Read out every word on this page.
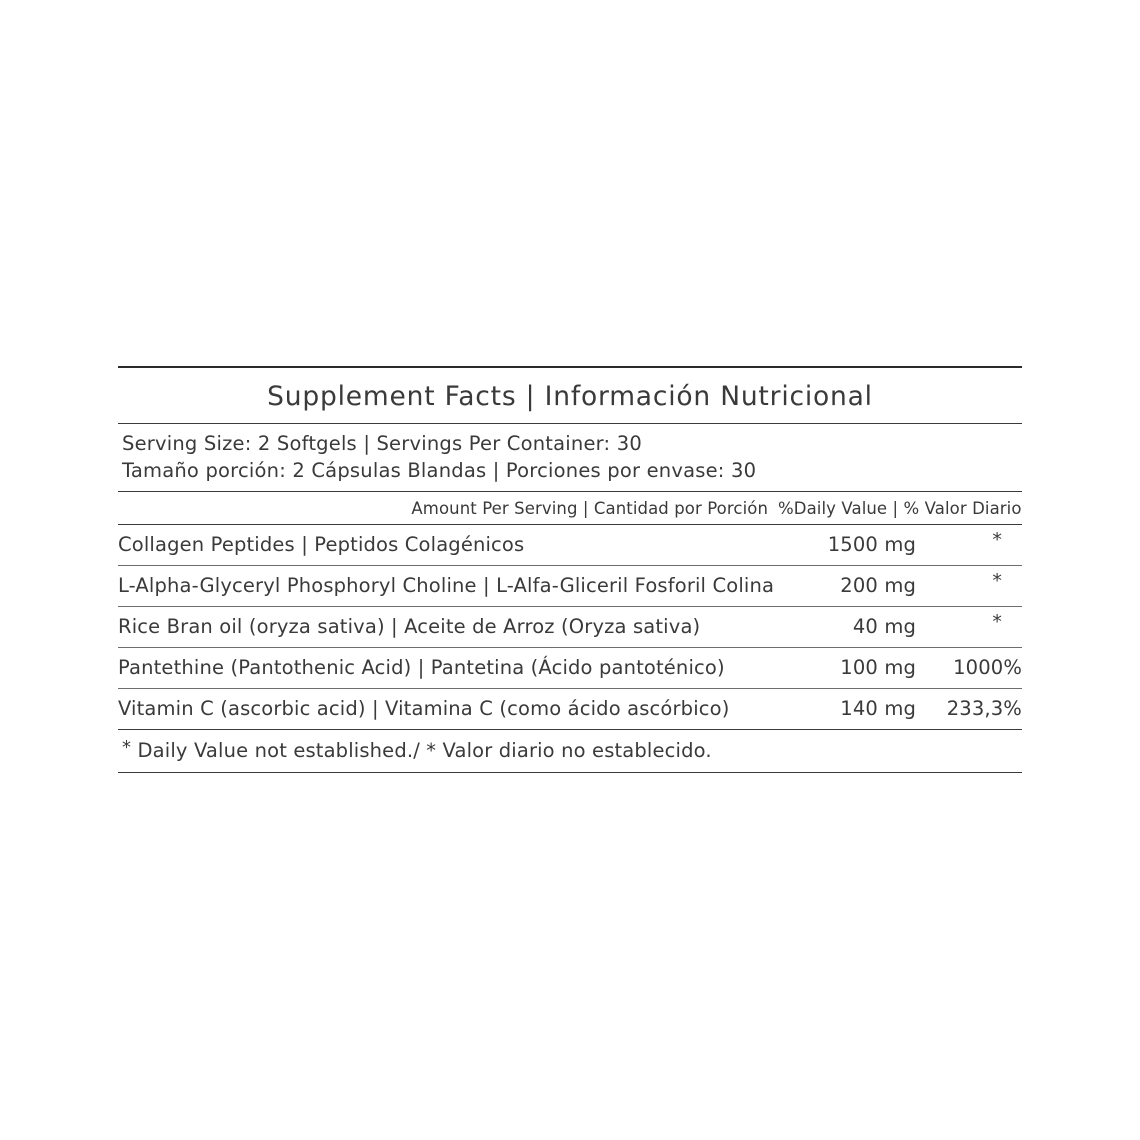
Supplement Facts | Información Nutricional
Serving Size: 2 Softgels | Servings Per Container: 30
Tamaño porción: 2 Cápsulas Blandas | Porciones por envase: 30
Amount Per Serving | Cantidad por Porción %Daily Value | % Valor Diario
Collagen Peptides | Peptidos Colagénicos	1500 mg	*
L-Alpha-Glyceryl Phosphoryl Choline | L-Alfa-Gliceril Fosforil Colina	200 mg	*
Rice Bran oil (oryza sativa) | Aceite de Arroz (Oryza sativa)	40 mg	*
Pantethine (Pantothenic Acid) | Pantetina (Ácido pantoténico)	100 mg	1000%
Vitamin C (ascorbic acid) | Vitamina C (como ácido ascórbico)	140 mg	233,3%
* Daily Value not established./ * Valor diario no establecido.
